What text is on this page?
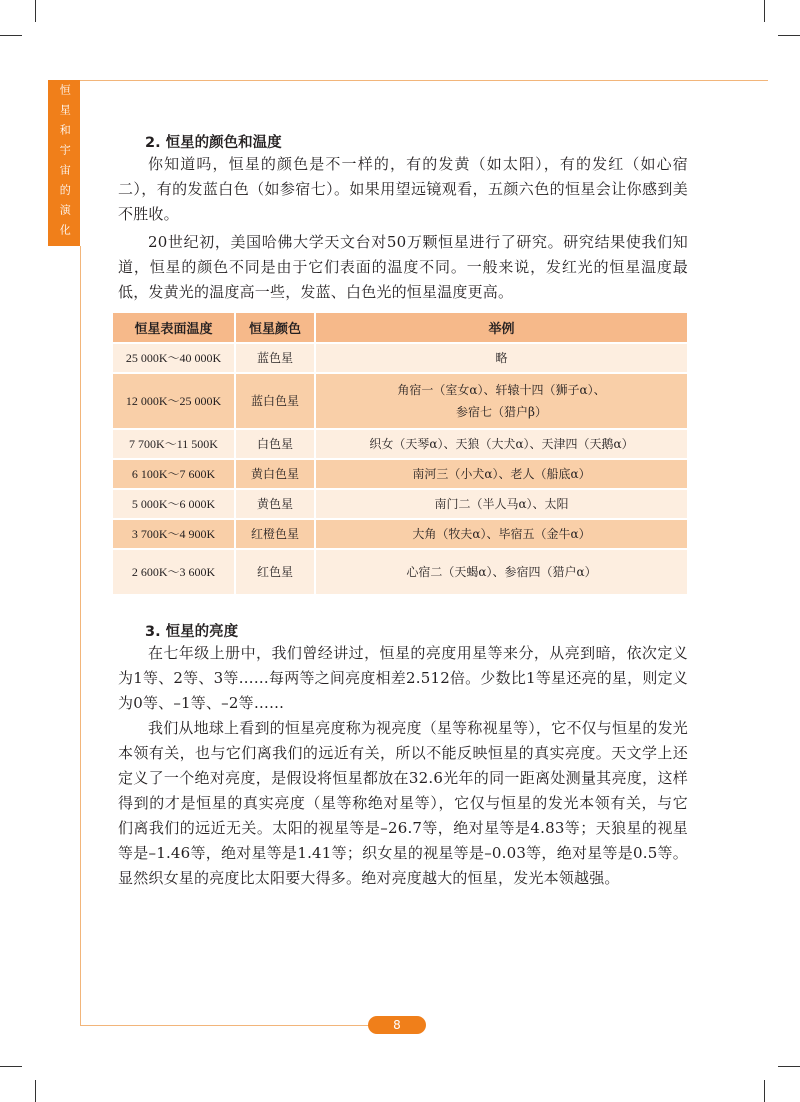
恒星和宇宙的演化	2. 恒星的颜色和温度

你知道吗，恒星的颜色是不一样的，有的发黄（如太阳），有的发红（如心宿二），有的发蓝白色（如参宿七）。如果用望远镜观看，五颜六色的恒星会让你感到美不胜收。

20世纪初，美国哈佛大学天文台对50万颗恒星进行了研究。研究结果使我们知道，恒星的颜色不同是由于它们表面的温度不同。一般来说，发红光的恒星温度最低，发黄光的温度高一些，发蓝、白色光的恒星温度更高。

恒星表面温度	恒星颜色	举例
25 000K～40 000K	蓝色星	略
12 000K～25 000K	蓝白色星	角宿一（室女α）、轩辕十四（狮子α）、
参宿七（猎户β）

7 700K～11 500K	白色星	织女（天琴α）、天狼（大犬α）、天津四（天鹅α）
6 100K～7 600K	黄白色星	南河三（小犬α）、老人（船底α）
5 000K～6 000K	黄色星	南门二（半人马α）、太阳
3 700K～4 900K	红橙色星	大角（牧夫α）、毕宿五（金牛α）
2 600K～3 600K	红色星	心宿二（天蝎α）、参宿四（猎户α）
3. 恒星的亮度

在七年级上册中，我们曾经讲过，恒星的亮度用星等来分，从亮到暗，依次定义为1等、2等、3等……每两等之间亮度相差2.512倍。少数比1等星还亮的星，则定义为0等、–1等、–2等……

我们从地球上看到的恒星亮度称为视亮度（星等称视星等），它不仅与恒星的发光本领有关，也与它们离我们的远近有关，所以不能反映恒星的真实亮度。天文学上还定义了一个绝对亮度，是假设将恒星都放在32.6光年的同一距离处测量其亮度，这样得到的才是恒星的真实亮度（星等称绝对星等），它仅与恒星的发光本领有关，与它们离我们的远近无关。太阳的视星等是–26.7等，绝对星等是4.83等；天狼星的视星等是–1.46等，绝对星等是1.41等；织女星的视星等是–0.03等，绝对星等是0.5等。显然织女星的亮度比太阳要大得多。绝对亮度越大的恒星，发光本领越强。

8
